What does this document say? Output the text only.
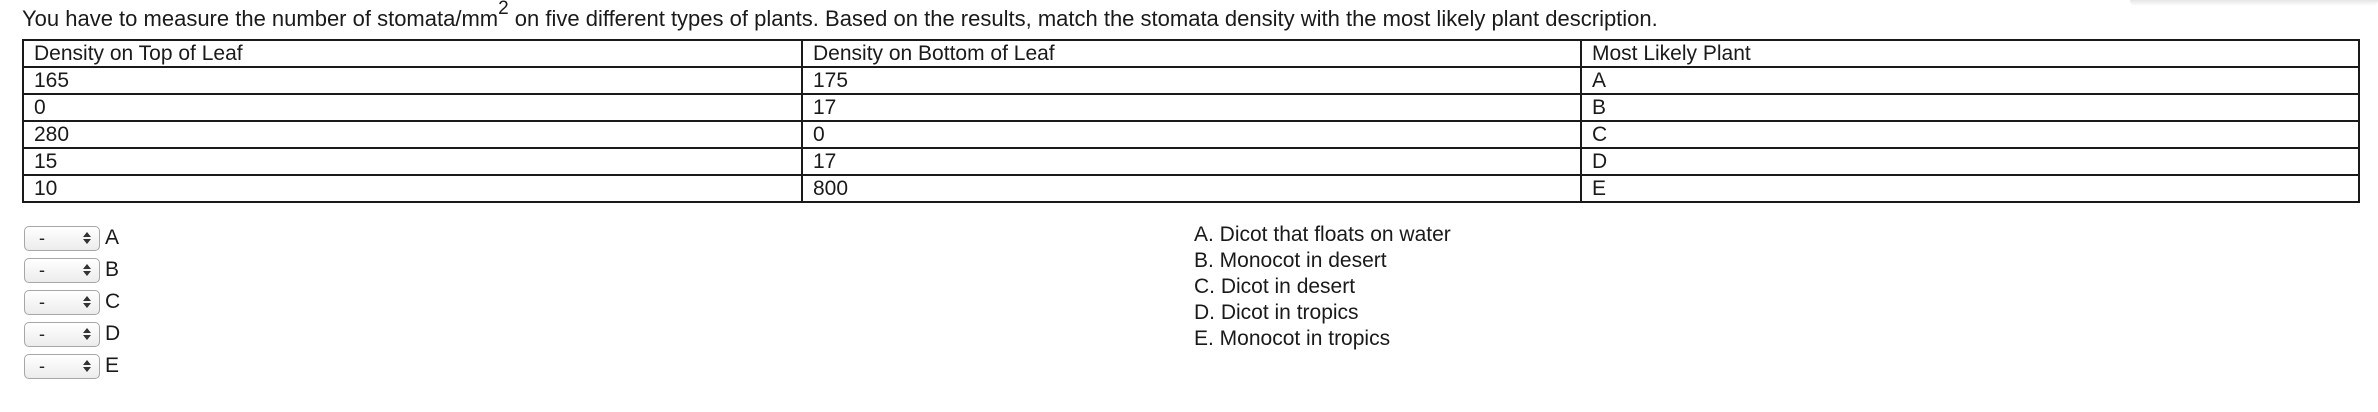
You have to measure the number of stomata/$mm^2$ on five different types of plants. Based on the results, match the stomata density with the most likely plant description.

Density on Top of Leaf	Density on Bottom of Leaf	Most Likely Plant
165	175	A
0	17	B
280	0	C
15	17	D
10	800	E
-	A
-	B
-	C
-	D
-	E
A. Dicot that floats on water
B. Monocot in desert
C. Dicot in desert
D. Dicot in tropics
E. Monocot in tropics
